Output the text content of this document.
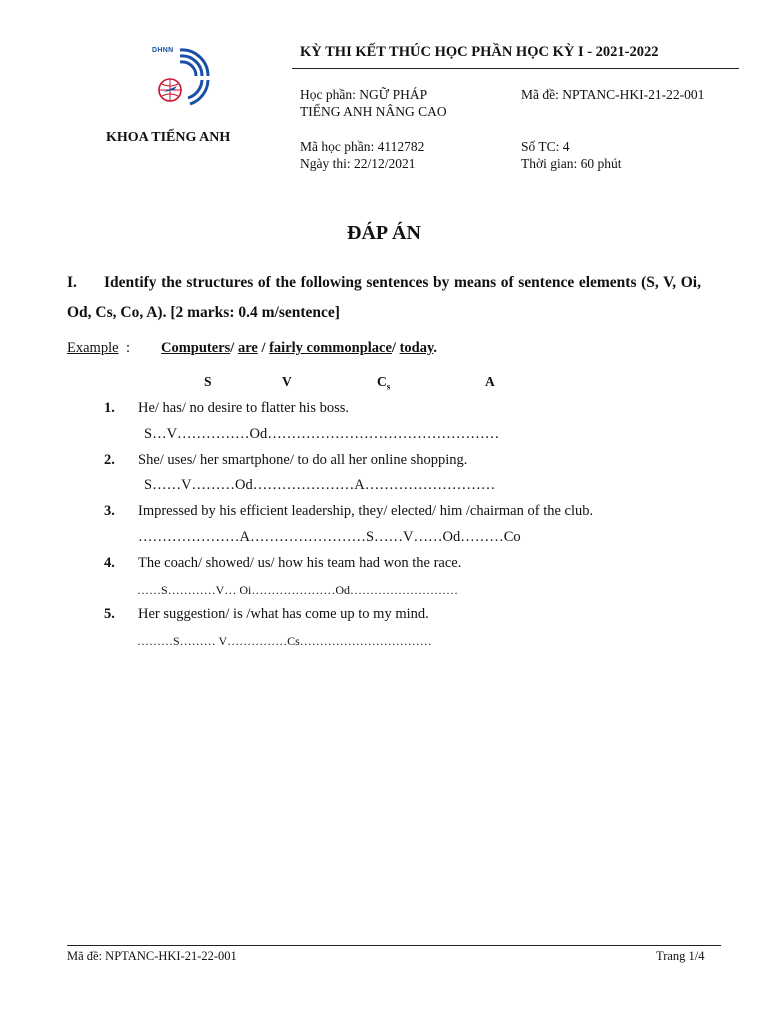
DHNN
KHOA TIẾNG ANH
KỲ THI KẾT THÚC HỌC PHẦN HỌC KỲ I - 2021-2022
Học phần: NGỮ PHÁP
TIẾNG ANH NÂNG CAO
Mã đề: NPTANC-HKI-21-22-001
Mã học phần: 4112782	Số TC: 4
Ngày thi: 22/12/2021	Thời gian: 60 phút
ĐÁP ÁN
I. Identify the structures of the following sentences by means of sentence elements (S, V, Oi, Od, Cs, Co, A). [2 marks: 0.4 m/sentence]
Example : Computers/ are / fairly commonplace/ today.
S	V	$C_s$	A
1. He/ has/ no desire to flatter his boss.
S…V……………Od…………………………………………
2. She/ uses/ her smartphone/ to do all her online shopping.
S……V………Od…………………A………………………
3. Impressed by his efficient leadership, they/ elected/ him /chairman of the club.
…………………A……………………S……V……Od………Co
4. The coach/ showed/ us/ how his team had won the race.
……S…………V… Oi…………………Od………………………
5. Her suggestion/ is /what has come up to my mind.
………S……… V……………Cs……………………………
Mã đề: NPTANC-HKI-21-22-001	Trang 1/4
